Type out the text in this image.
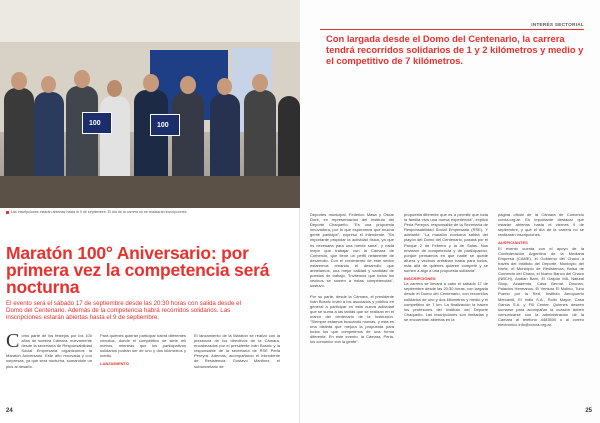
100	100
Las inscripciones estarán abiertas hasta el 9 de septiembre. El día de la carrera no se realizarán inscripciones.
Maratón 100° Aniversario: por primera vez la competencia será nocturna
El evento será el sábado 17 de septiembre desde las 20:30 horas con salida desde el Domo del Centenario. Además de la competencia habrá recorridos solidarios. Las inscripciones estarán abiertas hasta el 9 de septiembre.
Como parte de los festejos por los 100 años de nuestra Cámara, nuevamente desde la secretaría de Responsabilidad Social Empresaria organizamos la Maratón Aniversario. Este año renovada y con sorpresas, ya que será nocturna, sumándole un plus al desafío.
Para quienes quieran participar habrá diferentes circuitos, donde el competitivo de siete mil metros, mientras que los participativos solidarios podrán ser de uno y dos kilómetros y medio.
LANZAMIENTO
El lanzamiento de la Maratón se realizó con la presencia de los directivos de la Cámara, encabezados por el presidente Iván Bosnic y la responsable de la secretaría de RSE Perla Pereyra. Además, acompañaron el intendente de Resistencia, Gustavo Martínez, el subsecretario de
24
INTERÉS SECTORIAL
Con largada desde el Domo del Centenario, la carrera tendrá recorridos solidarios de 1 y 2 kilómetros y medio y el competitivo de 7 kilómetros.
Deportes municipal, Federico Masa y Oscar Duré, en representación del Instituto del Deporte Chaqueño. "Es una propuesta innovadora, por lo que esperamos que mucha gente participe", expresó el intendente. "Es importante propiciar la actividad física, ya que es necesaria para una mente sana", y nada mejor que trabajar con la Cámara de Comercio, que tiene un perfil netamente de desarrollo. Con el crecimiento de este sector estaremos creando el desarrollo que anhelamos, una mejor calidad y cantidad de puestos de trabajo. "Invitemos que todos los vecinos se sumen a estas competencias", sostuvo.

Por su parte, desde la Cámara, el presidente Iván Bosnic invitó a los asociados y público en general a participar en esta nueva actividad que se suma a las tantas que se realizan en el marco del centenario de la Institución. "Siempre estamos buscando nuevas, y esta es una distinta que mejora la propuesta para todos los que competimos de una forma diferente. En este evento, la Cámara, Perla, los comunicó con la gente".
propuesta diferente que es a permitir que toda la familia viva una nueva experiencia", explicó Perla Pereyra, responsable de la Secretaría de Responsabilidad Social Empresaria (RSE). Y adelantó: "La maratón nocturna saldrá del playón del Domo del Centenario, pasará por el Parque 2 de Febrero y la de Salas. Nos enviaron de competencia y de participación, porque pensamos en que nadie se quede afuera y vecinos entraban hasta para todos, más allá de quienes quieren competir y se sumen a algo a una propuesta solidaria".
INSCRIPCIONES
La carrera se llevará a cabo el sábado 17 de septiembre desde las 20:30 horas, con largada desde el Domo del Centenario, con recorridos solidarios de uno y dos kilómetros y medio y el competitivo de 7 km. La finalización la hacen los profesores del Instituto del Deporte Chaqueño. Las inscripciones son limitadas y se encuentran abiertas en la
página oficial de la Cámara de Comercio ccrcia.org.ar. Es importante destacar que estarán abiertas hasta el viernes 9 de septiembre, y que el día de la carrera no se realizarán inscripciones.
AUSPICIANTES
El evento cuenta con el apoyo de la Confederación Argentina de la Mediana Empresa (CAME), el Gobierno del Chaco a través del Instituto del Deporte, Municipio del Norte, el Municipio de Resistencia, Bolsa de Comercio del Chaco, el Nuevo Banco del Chaco (NBCH), Andian Barri, El Galpón MIL Natural Shop, Academia, Casa Bernal, Dounan, Palacios Hermanos, El Ventura El Molino, Tuhu Puerto por la Red, Instituto Aeropuerto Mercantil, El indio S.A., Rollo Mayor, Casa Garcia S.A. y Fill Center. Quienes deseen sumarse para acompañar la ocasión deben comunicarse con la administración de la Cámara al teléfono 4483500 o al correo electrónico info@ccrcia.org.ar.
25
